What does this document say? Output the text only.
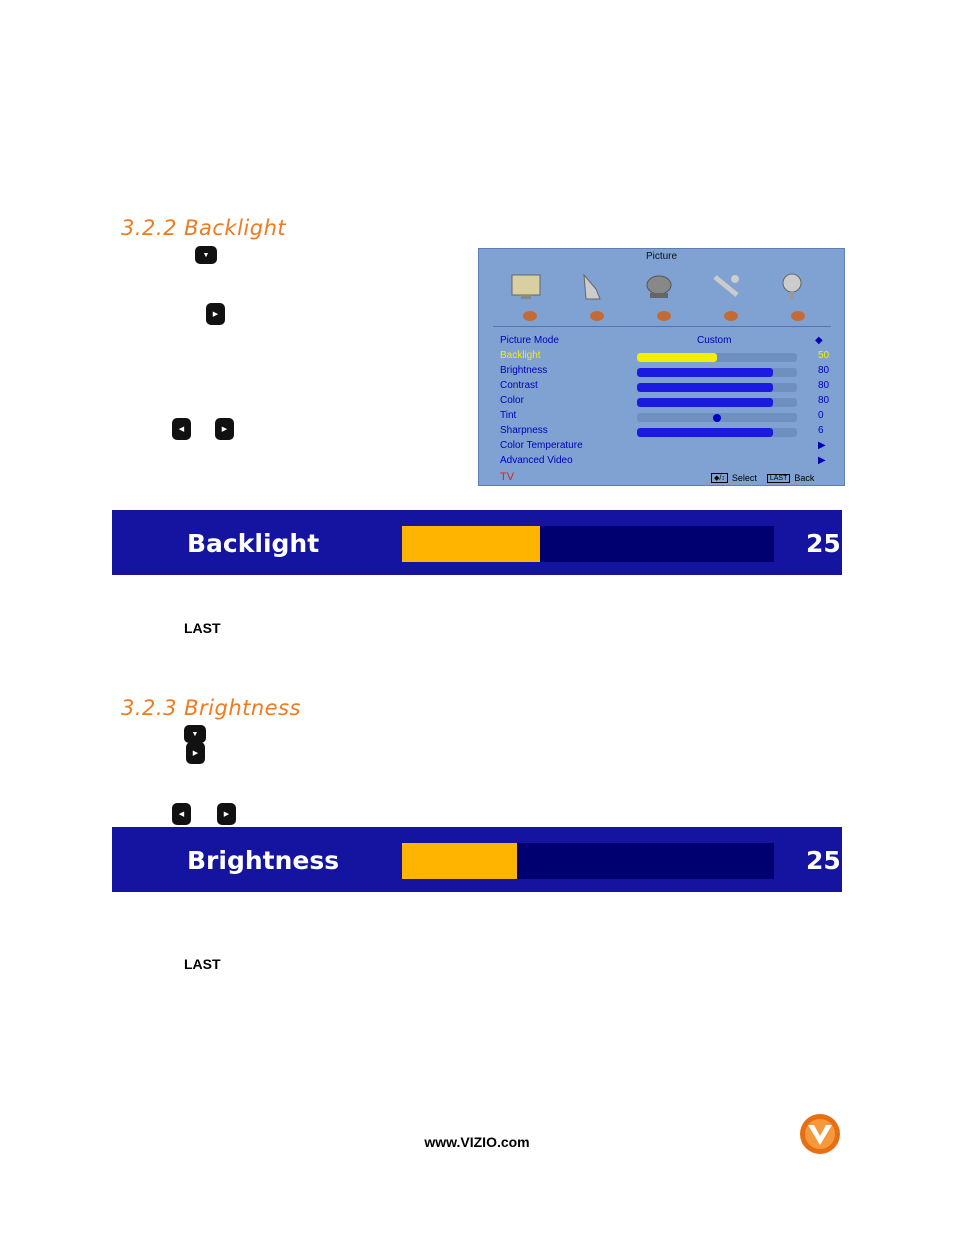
3.2.2 Backlight
▼
▶
◀	▶
Picture
Picture Mode	Custom	◆
Backlight	50
Brightness	80
Contrast	80
Color	80
Tint	0
Sharpness	6
Color Temperature	▶
Advanced Video	▶
TV	◆/↕ Select	LAST Back
Backlight	25
LAST
3.2.3 Brightness
▼
▶
◀	▶
Brightness	25
LAST
www.VIZIO.com
